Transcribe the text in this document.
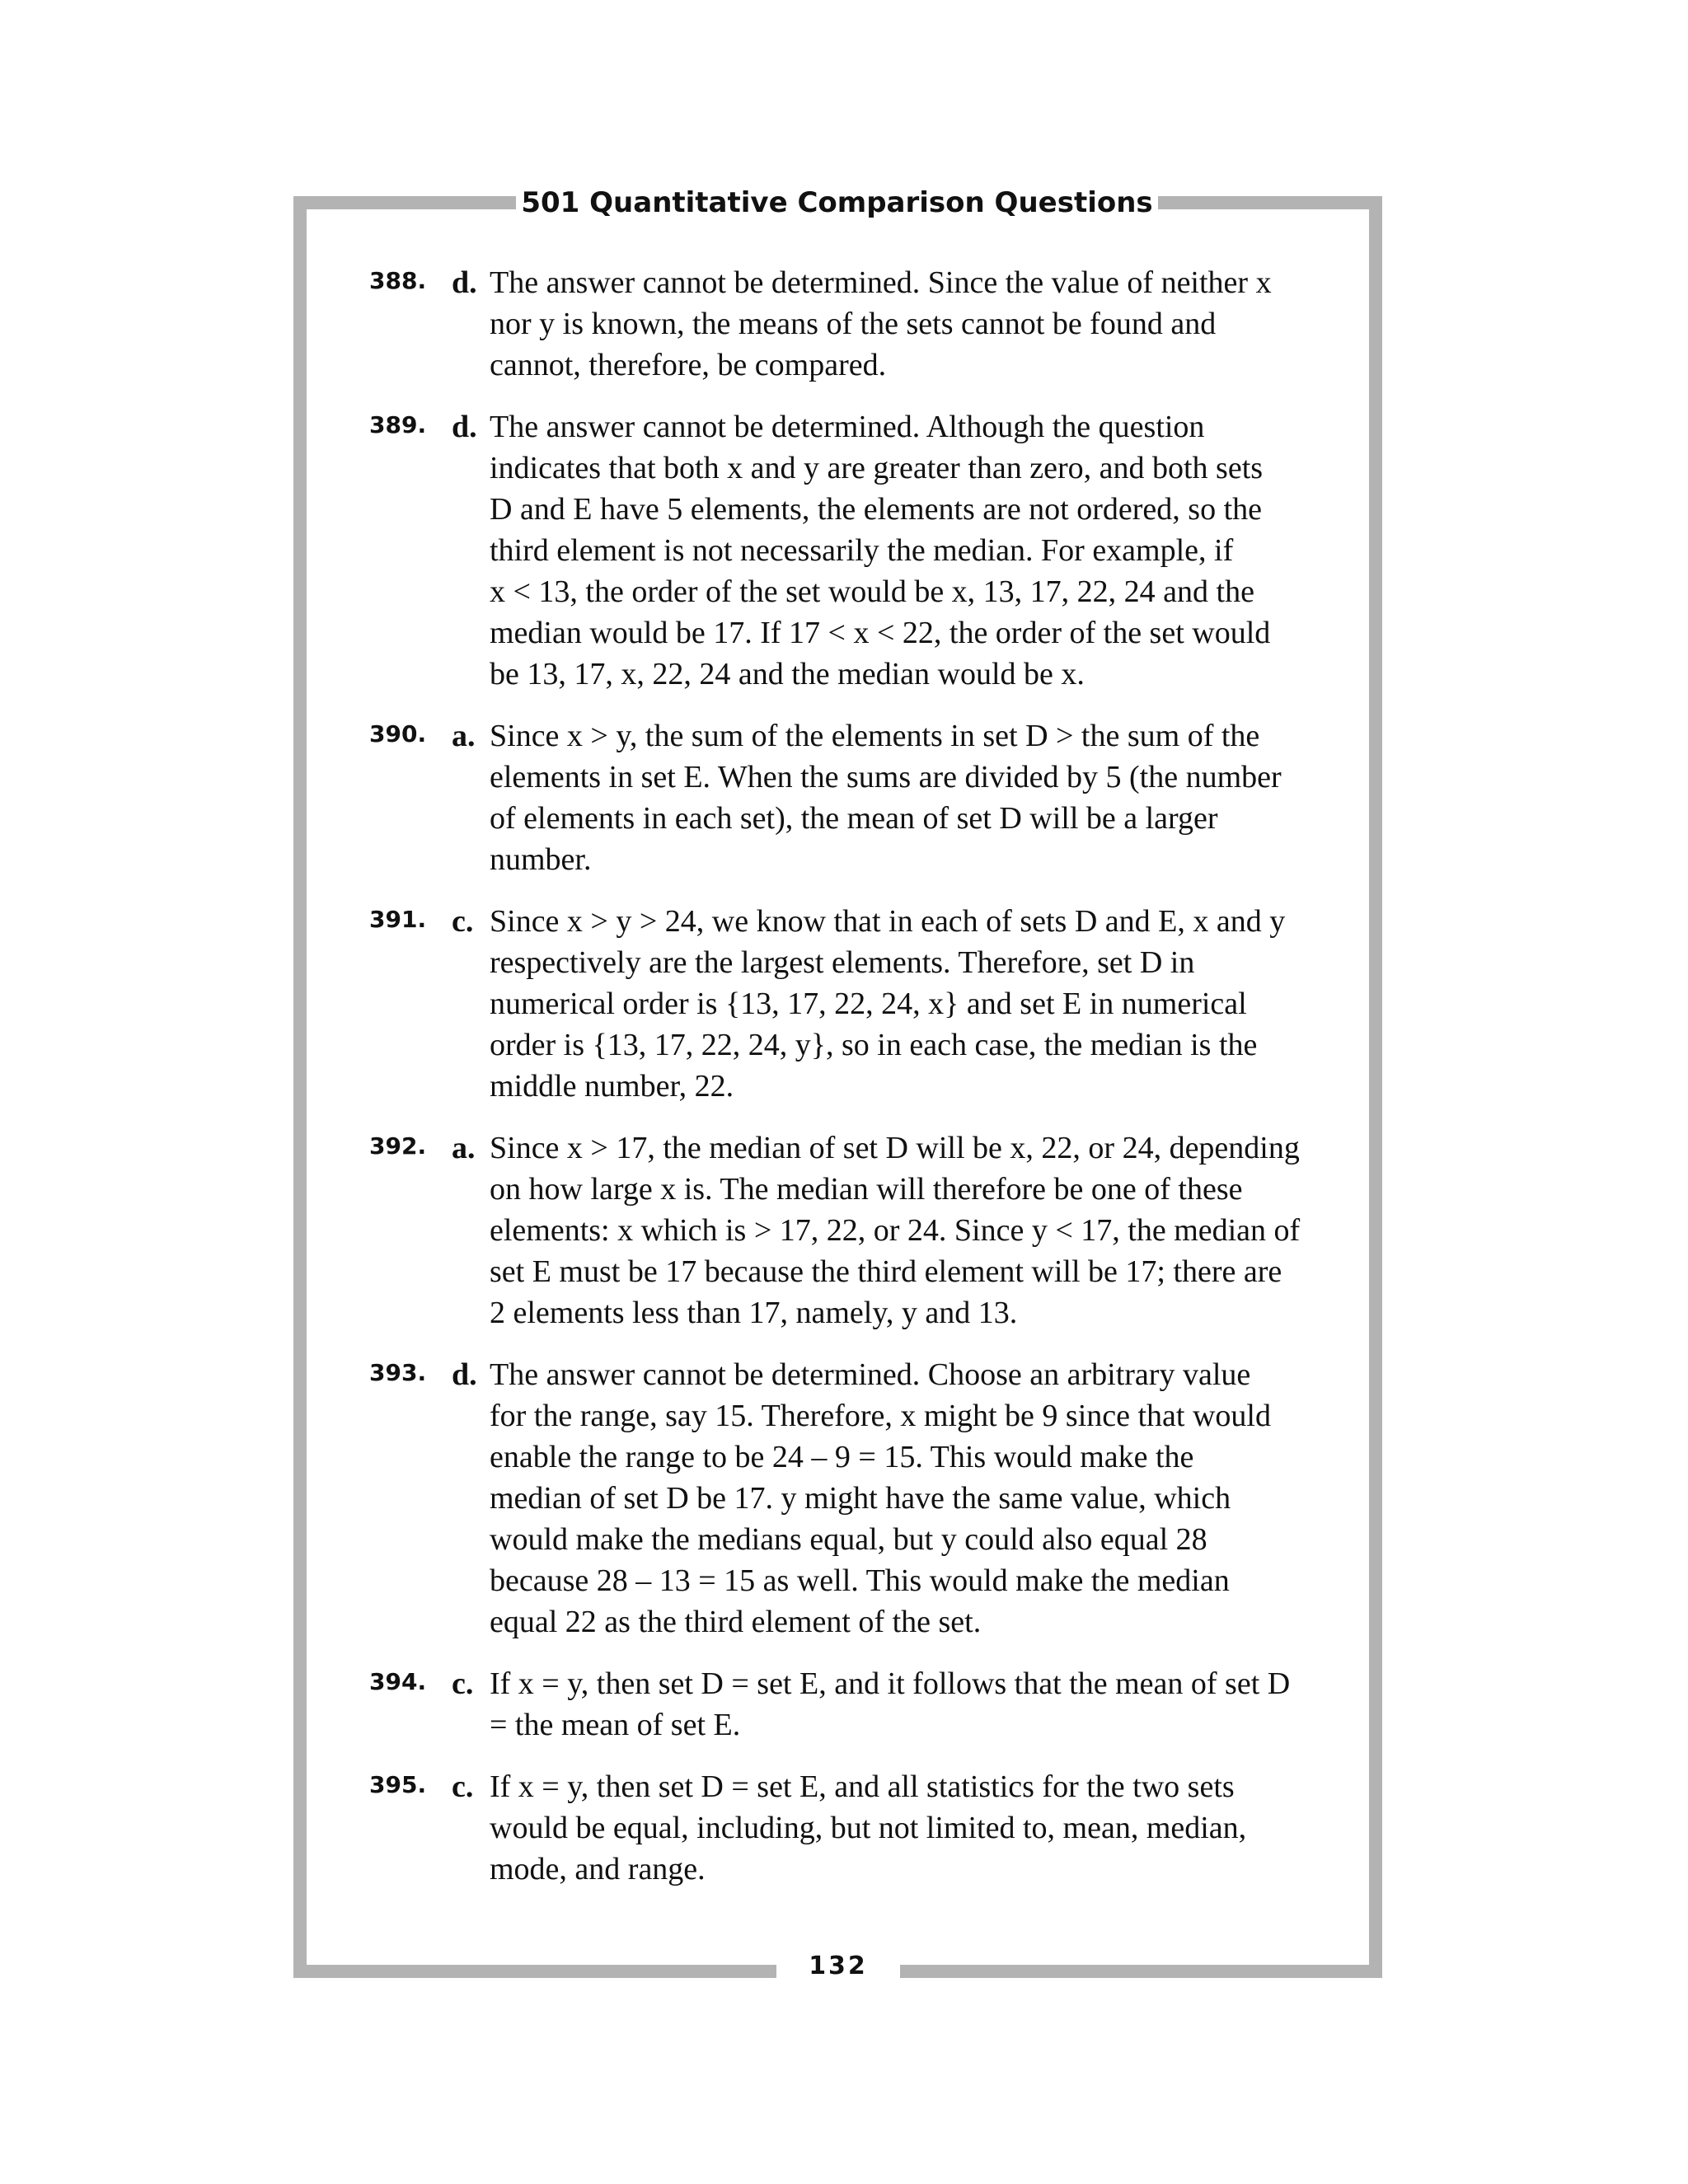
501 Quantitative Comparison Questions
388. d. The answer cannot be determined. Since the value of neither x
nor y is known, the means of the sets cannot be found and
cannot, therefore, be compared.
389. d. The answer cannot be determined. Although the question
indicates that both x and y are greater than zero, and both sets
D and E have 5 elements, the elements are not ordered, so the
third element is not necessarily the median. For example, if
x < 13, the order of the set would be x, 13, 17, 22, 24 and the
median would be 17. If 17 < x < 22, the order of the set would
be 13, 17, x, 22, 24 and the median would be x.
390. a. Since x > y, the sum of the elements in set D > the sum of the
elements in set E. When the sums are divided by 5 (the number
of elements in each set), the mean of set D will be a larger
number.
391. c. Since x > y > 24, we know that in each of sets D and E, x and y
respectively are the largest elements. Therefore, set D in
numerical order is {13, 17, 22, 24, x} and set E in numerical
order is {13, 17, 22, 24, y}, so in each case, the median is the
middle number, 22.
392. a. Since x > 17, the median of set D will be x, 22, or 24, depending
on how large x is. The median will therefore be one of these
elements: x which is > 17, 22, or 24. Since y < 17, the median of
set E must be 17 because the third element will be 17; there are
2 elements less than 17, namely, y and 13.
393. d. The answer cannot be determined. Choose an arbitrary value
for the range, say 15. Therefore, x might be 9 since that would
enable the range to be 24 – 9 = 15. This would make the
median of set D be 17. y might have the same value, which
would make the medians equal, but y could also equal 28
because 28 – 13 = 15 as well. This would make the median
equal 22 as the third element of the set.
394. c. If x = y, then set D = set E, and it follows that the mean of set D
= the mean of set E.
395. c. If x = y, then set D = set E, and all statistics for the two sets
would be equal, including, but not limited to, mean, median,
mode, and range.
132
